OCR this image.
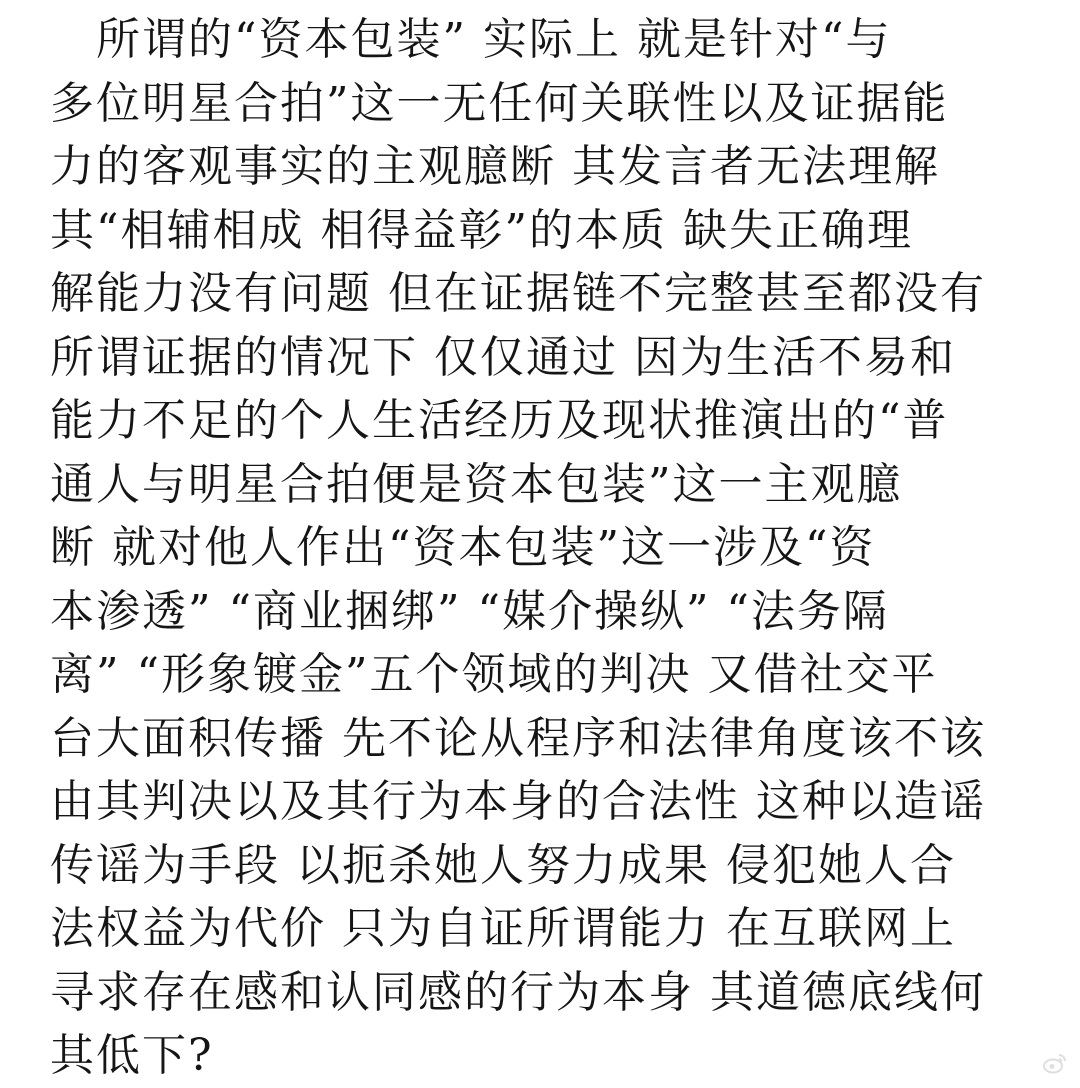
　所谓的“资本包装” 实际上 就是针对“与
多位明星合拍”这一无任何关联性以及证据能
力的客观事实的主观臆断 其发言者无法理解
其“相辅相成 相得益彰”的本质 缺失正确理
解能力没有问题 但在证据链不完整甚至都没有
所谓证据的情况下 仅仅通过 因为生活不易和
能力不足的个人生活经历及现状推演出的“普
通人与明星合拍便是资本包装”这一主观臆
断 就对他人作出“资本包装”这一涉及“资
本渗透” “商业捆绑” “媒介操纵” “法务隔
离” “形象镀金”五个领域的判决 又借社交平
台大面积传播 先不论从程序和法律角度该不该
由其判决以及其行为本身的合法性 这种以造谣
传谣为手段 以扼杀她人努力成果 侵犯她人合
法权益为代价 只为自证所谓能力 在互联网上
寻求存在感和认同感的行为本身 其道德底线何
其低下?
